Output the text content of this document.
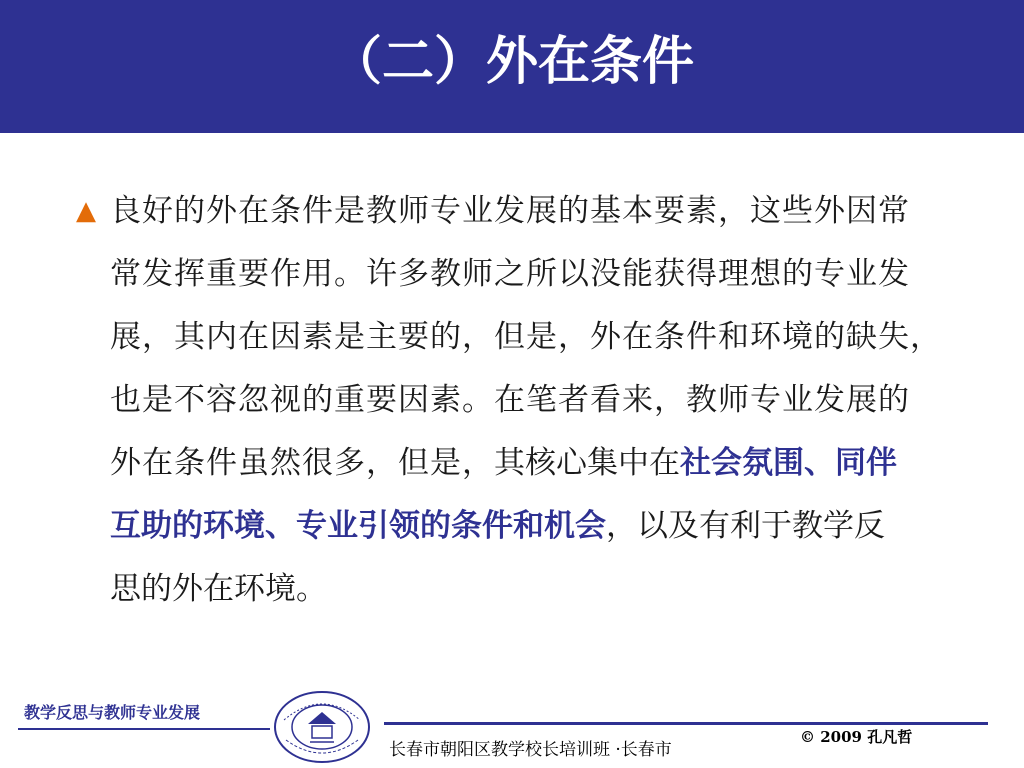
（二）外在条件
▲ 良好的外在条件是教师专业发展的基本要素，这些外因常
常发挥重要作用。许多教师之所以没能获得理想的专业发
展，其内在因素是主要的，但是，外在条件和环境的缺失，
也是不容忽视的重要因素。在笔者看来，教师专业发展的
外在条件虽然很多，但是，其核心集中在社会氛围、同伴
互助的环境、专业引领的条件和机会，以及有利于教学反
思的外在环境。
教学反思与教师专业发展
© 2009 孔凡哲
长春市朝阳区教学校长培训班 ·长春市
